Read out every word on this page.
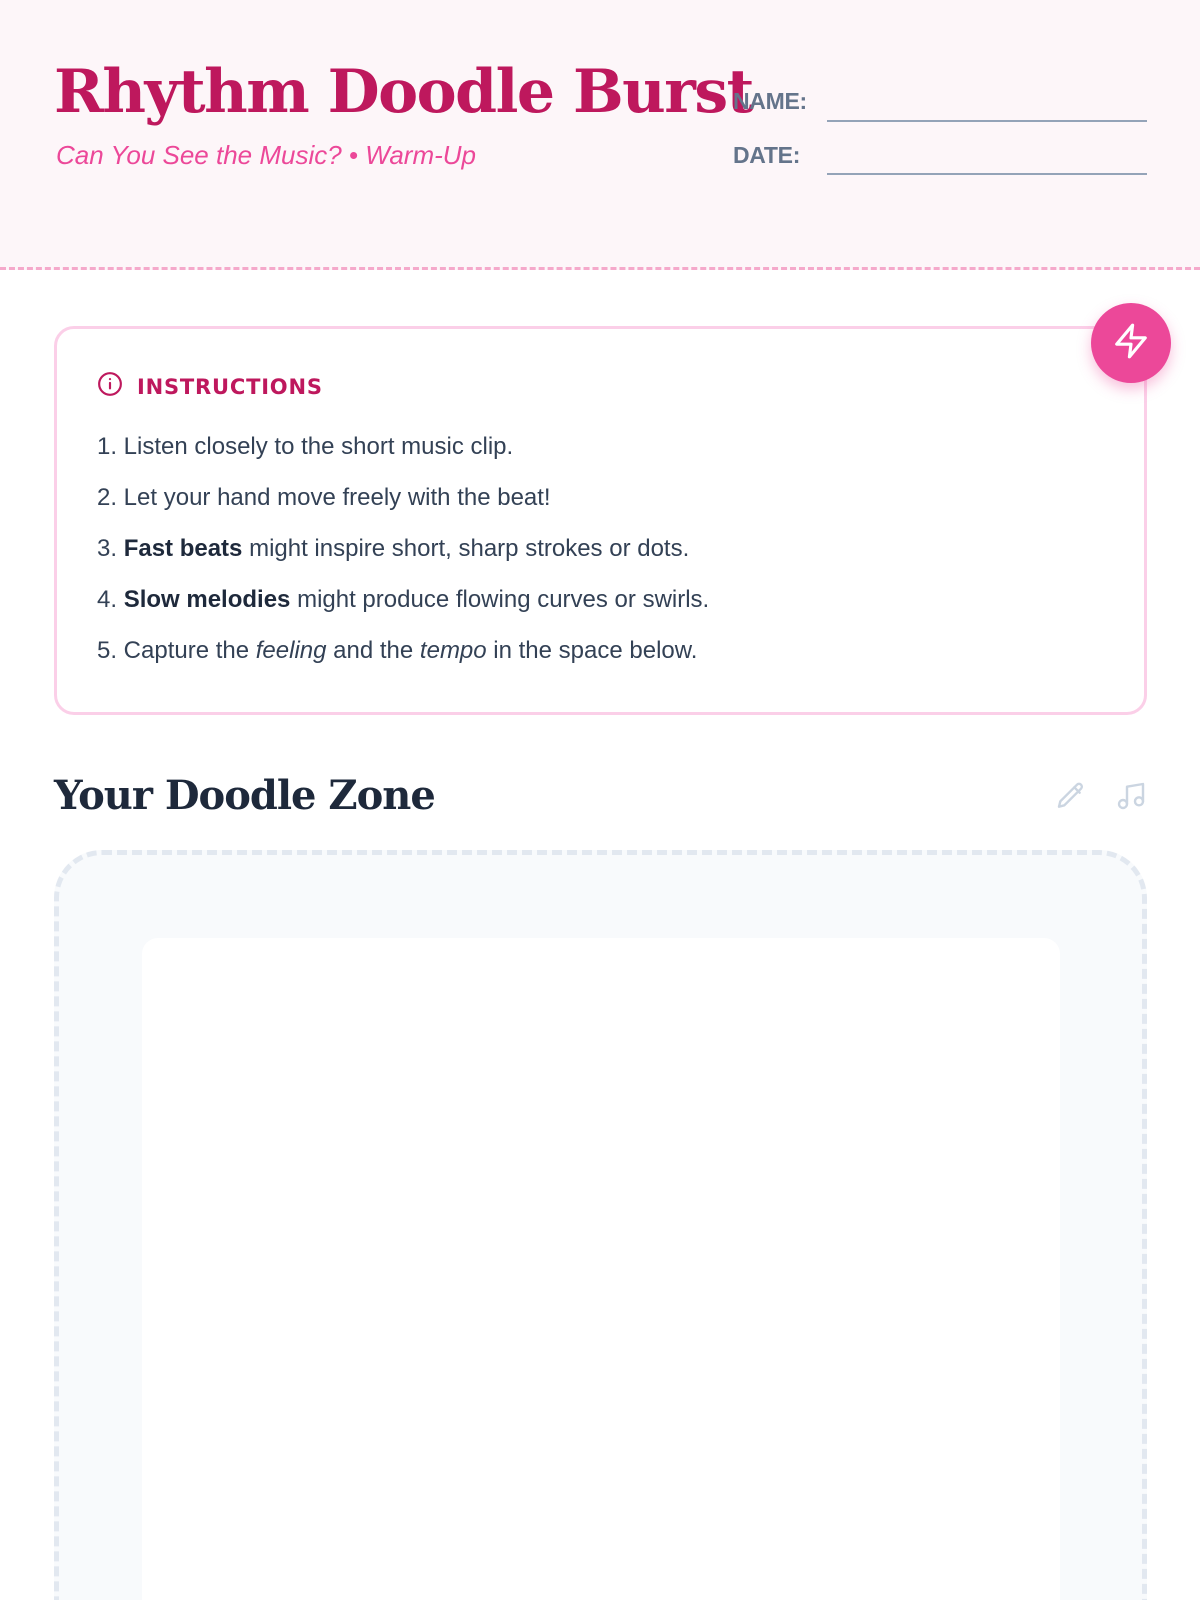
Rhythm Doodle Burst
Can You See the Music? • Warm-Up
NAME:
DATE:
INSTRUCTIONS
1. Listen closely to the short music clip.
2. Let your hand move freely with the beat!
3. Fast beats might inspire short, sharp strokes or dots.
4. Slow melodies might produce flowing curves or swirls.
5. Capture the feeling and the tempo in the space below.
Your Doodle Zone
